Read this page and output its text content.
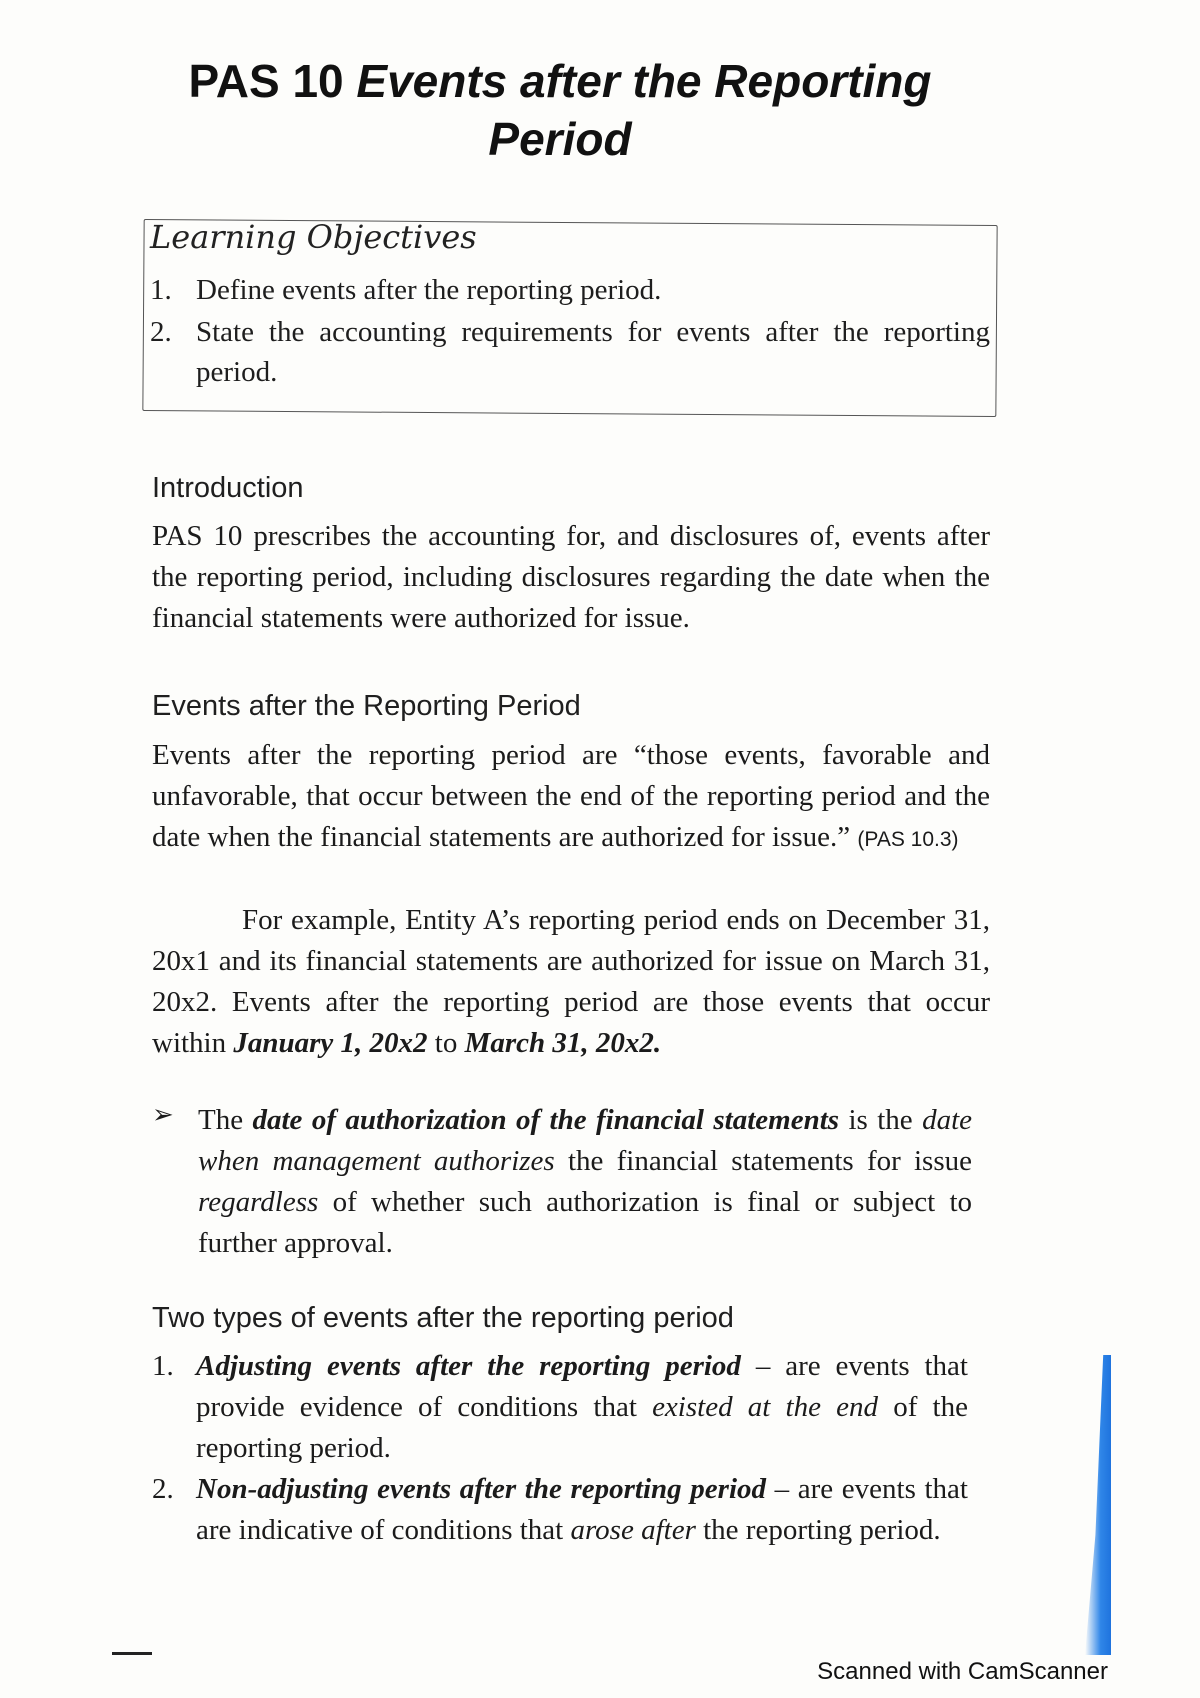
PAS 10 Events after the Reporting
Period
Learning Objectives
1. Define events after the reporting period.
2. State the accounting requirements for events after the reporting period.
Introduction

PAS 10 prescribes the accounting for, and disclosures of, events after the reporting period, including disclosures regarding the date when the financial statements were authorized for issue.

Events after the Reporting Period

Events after the reporting period are “those events, favorable and unfavorable, that occur between the end of the reporting period and the date when the financial statements are authorized for issue.” (PAS 10.3)

For example, Entity A’s reporting period ends on December 31, 20x1 and its financial statements are authorized for issue on March 31, 20x2. Events after the reporting period are those events that occur within January 1, 20x2 to March 31, 20x2.

➢ The date of authorization of the financial statements is the date when management authorizes the financial statements for issue regardless of whether such authorization is final or subject to further approval.

Two types of events after the reporting period
1. Adjusting events after the reporting period – are events that provide evidence of conditions that existed at the end of the reporting period.
2. Non-adjusting events after the reporting period – are events that are indicative of conditions that arose after the reporting period.
Scanned with CamScanner
